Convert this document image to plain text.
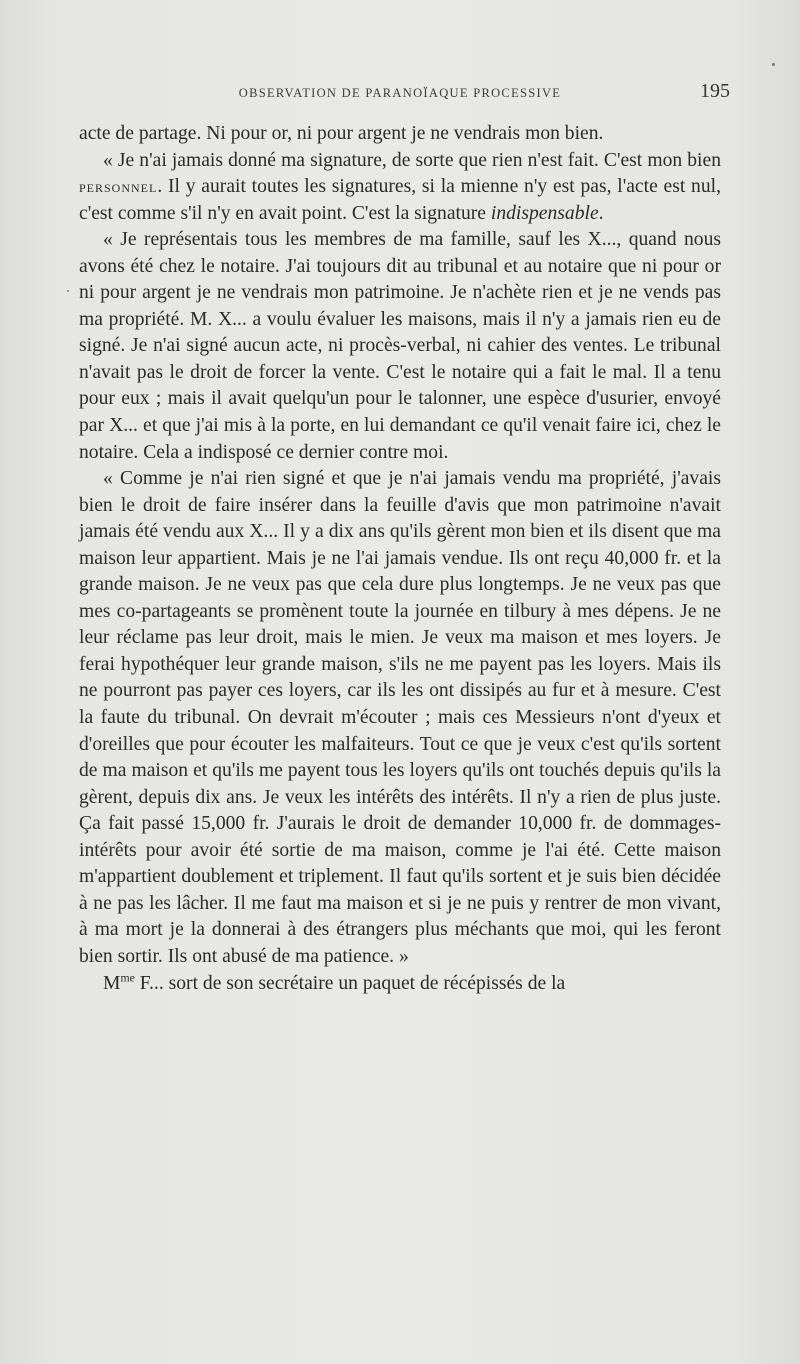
OBSERVATION DE PARANOÏAQUE PROCESSIVE	195

acte de partage. Ni pour or, ni pour argent je ne vendrais mon bien.

« Je n'ai jamais donné ma signature, de sorte que rien n'est fait. C'est mon bien personnel. Il y aurait toutes les signatures, si la mienne n'y est pas, l'acte est nul, c'est comme s'il n'y en avait point. C'est la signature indispensable.

« Je représentais tous les membres de ma famille, sauf les X..., quand nous avons été chez le notaire. J'ai toujours dit au tribunal et au notaire que ni pour or ni pour argent je ne vendrais mon patrimoine. Je n'achète rien et je ne vends pas ma propriété. M. X... a voulu évaluer les maisons, mais il n'y a jamais rien eu de signé. Je n'ai signé aucun acte, ni procès-verbal, ni cahier des ventes. Le tribunal n'avait pas le droit de forcer la vente. C'est le notaire qui a fait le mal. Il a tenu pour eux ; mais il avait quelqu'un pour le talonner, une espèce d'usurier, envoyé par X... et que j'ai mis à la porte, en lui demandant ce qu'il venait faire ici, chez le notaire. Cela a indisposé ce dernier contre moi.

« Comme je n'ai rien signé et que je n'ai jamais vendu ma propriété, j'avais bien le droit de faire insérer dans la feuille d'avis que mon patrimoine n'avait jamais été vendu aux X... Il y a dix ans qu'ils gèrent mon bien et ils disent que ma maison leur appartient. Mais je ne l'ai jamais vendue. Ils ont reçu 40,000 fr. et la grande maison. Je ne veux pas que cela dure plus longtemps. Je ne veux pas que mes co-partageants se promènent toute la journée en tilbury à mes dépens. Je ne leur réclame pas leur droit, mais le mien. Je veux ma maison et mes loyers. Je ferai hypothéquer leur grande maison, s'ils ne me payent pas les loyers. Mais ils ne pourront pas payer ces loyers, car ils les ont dissipés au fur et à mesure. C'est la faute du tribunal. On devrait m'écouter ; mais ces Messieurs n'ont d'yeux et d'oreilles que pour écouter les malfaiteurs. Tout ce que je veux c'est qu'ils sortent de ma maison et qu'ils me payent tous les loyers qu'ils ont touchés depuis qu'ils la gèrent, depuis dix ans. Je veux les intérêts des intérêts. Il n'y a rien de plus juste. Ça fait passé 15,000 fr. J'aurais le droit de demander 10,000 fr. de dommages-intérêts pour avoir été sortie de ma maison, comme je l'ai été. Cette maison m'appartient doublement et triplement. Il faut qu'ils sortent et je suis bien décidée à ne pas les lâcher. Il me faut ma maison et si je ne puis y rentrer de mon vivant, à ma mort je la donnerai à des étrangers plus méchants que moi, qui les feront bien sortir. Ils ont abusé de ma patience. »

$M^{me}$ F... sort de son secrétaire un paquet de récépissés de la
